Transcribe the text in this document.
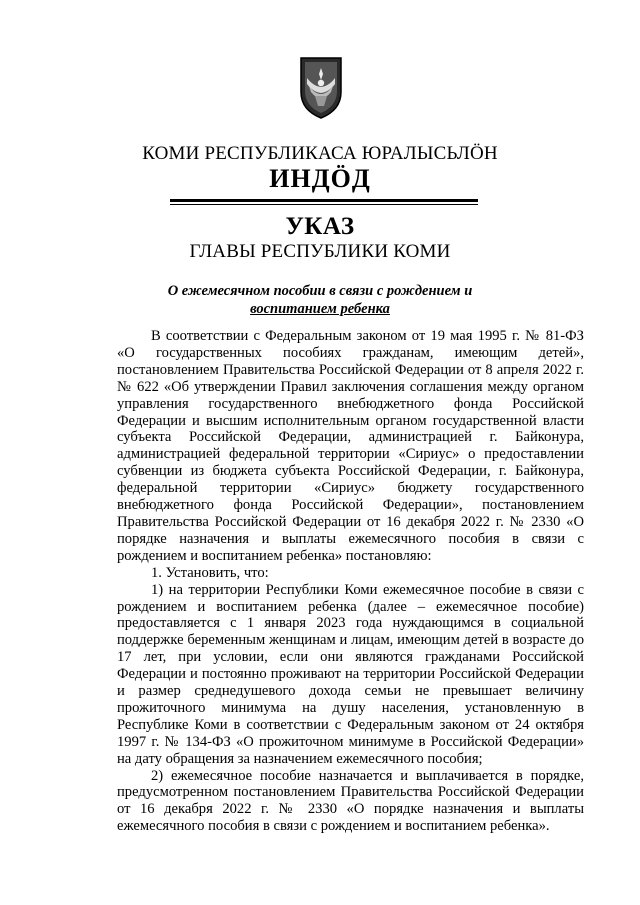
КОМИ РЕСПУБЛИКАСА ЮРАЛЫСЬЛӦН
ИНДӦД
УКАЗ
ГЛАВЫ РЕСПУБЛИКИ КОМИ
О ежемесячном пособии в связи с рождением и
воспитанием ребенка

В соответствии с Федеральным законом от 19 мая 1995 г. № 81-ФЗ «О государственных пособиях гражданам, имеющим детей», постановлением Правительства Российской Федерации от 8 апреля 2022 г. № 622 «Об утверждении Правил заключения соглашения между органом управления государственного внебюджетного фонда Российской Федерации и высшим исполнительным органом государственной власти субъекта Российской Федерации, администрацией г. Байконура, администрацией федеральной территории «Сириус» о предоставлении субвенции из бюджета субъекта Российской Федерации, г. Байконура, федеральной территории «Сириус» бюджету государственного внебюджетного фонда Российской Федерации», постановлением Правительства Российской Федерации от 16 декабря 2022 г. № 2330 «О порядке назначения и выплаты ежемесячного пособия в связи с рождением и воспитанием ребенка» постановляю:

1. Установить, что:

1) на территории Республики Коми ежемесячное пособие в связи с рождением и воспитанием ребенка (далее – ежемесячное пособие) предоставляется с 1 января 2023 года нуждающимся в социальной поддержке беременным женщинам и лицам, имеющим детей в возрасте до 17 лет, при условии, если они являются гражданами Российской Федерации и постоянно проживают на территории Российской Федерации и размер среднедушевого дохода семьи не превышает величину прожиточного минимума на душу населения, установленную в Республике Коми в соответствии с Федеральным законом от 24 октября 1997 г. № 134-ФЗ «О прожиточном минимуме в Российской Федерации» на дату обращения за назначением ежемесячного пособия;

2) ежемесячное пособие назначается и выплачивается в порядке, предусмотренном постановлением Правительства Российской Федерации от 16 декабря 2022 г. № 2330 «О порядке назначения и выплаты ежемесячного пособия в связи с рождением и воспитанием ребенка».
